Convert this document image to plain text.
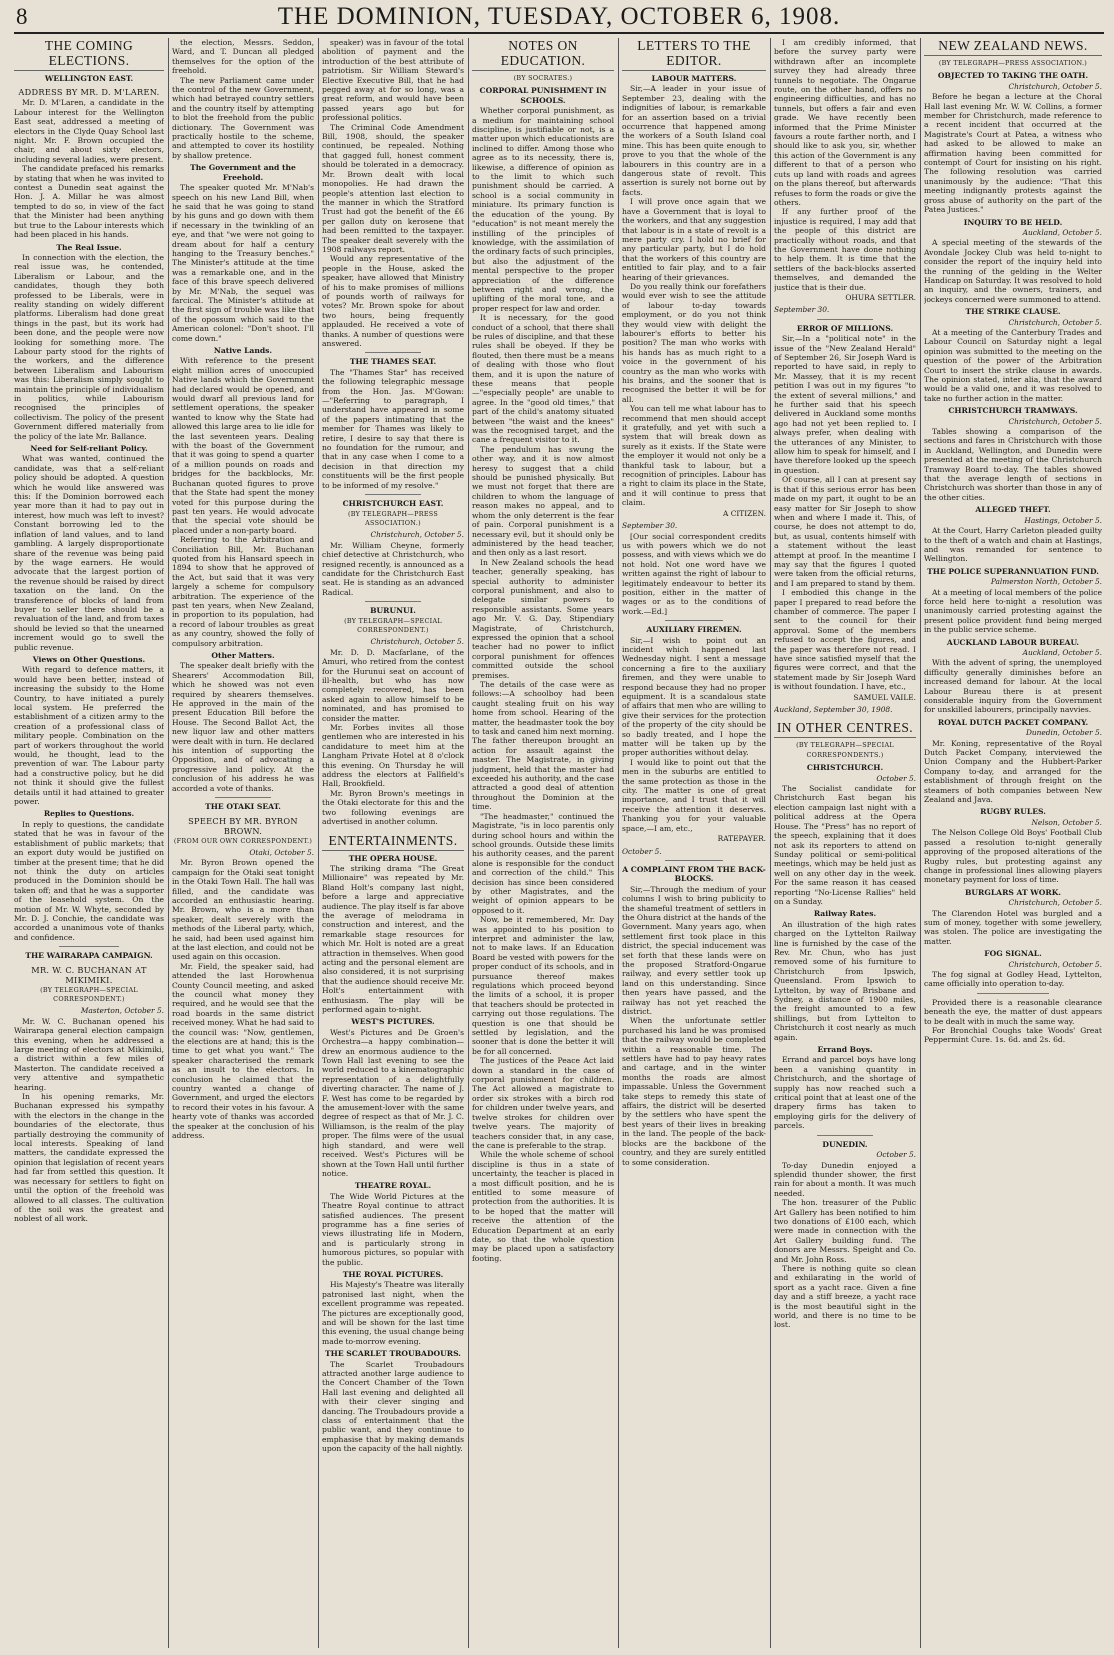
8	THE DOMINION, TUESDAY, OCTOBER 6, 1908.
THE COMING ELECTIONS.
WELLINGTON EAST.
ADDRESS BY MR. D. M'LAREN.

Mr. D. M'Laren, a candidate in the Labour interest for the Wellington East seat, addressed a meeting of electors in the Clyde Quay School last night. Mr. F. Brown occupied the chair, and about sixty electors, including several ladies, were present.

The candidate prefaced his remarks by stating that when he was invited to contest a Dunedin seat against the Hon. J. A. Millar he was almost tempted to do so, in view of the fact that the Minister had been anything but true to the Labour interests which had been placed in his hands.

The Real Issue.

In connection with the election, the real issue was, he contended, Liberalism or Labour, and the candidates, though they both professed to be Liberals, were in reality standing on widely different platforms. Liberalism had done great things in the past, but its work had been done, and the people were now looking for something more. The Labour party stood for the rights of the workers, and the difference between Liberalism and Labourism was this: Liberalism simply sought to maintain the principle of individualism in politics, while Labourism recognised the principles of collectivism. The policy of the present Government differed materially from the policy of the late Mr. Ballance.

Need for Self-reliant Policy.

What was wanted, continued the candidate, was that a self-reliant policy should be adopted. A question which he would like answered was this: If the Dominion borrowed each year more than it had to pay out in interest, how much was left to invest? Constant borrowing led to the inflation of land values, and to land gambling. A largely disproportionate share of the revenue was being paid by the wage earners. He would advocate that the largest portion of the revenue should be raised by direct taxation on the land. On the transference of blocks of land from buyer to seller there should be a revaluation of the land, and from taxes should be levied so that the unearned increment would go to swell the public revenue.

Views on Other Questions.

With regard to defence matters, it would have been better, instead of increasing the subsidy to the Home Country, to have initiated a purely local system. He preferred the establishment of a citizen army to the creation of a professional class of military people. Combination on the part of workers throughout the world would, he thought, lead to the prevention of war. The Labour party had a constructive policy, but he did not think it should give the fullest details until it had attained to greater power.

Replies to Questions.

In reply to questions, the candidate stated that he was in favour of the establishment of public markets; that an export duty would be justified on timber at the present time; that he did not think the duty on articles produced in the Dominion should be taken off; and that he was a supporter of the leasehold system. On the motion of Mr. W. Whyte, seconded by Mr. D. J. Conchie, the candidate was accorded a unanimous vote of thanks and confidence.

THE WAIRARAPA CAMPAIGN.
MR. W. C. BUCHANAN AT MIKIMIKI.
(BY TELEGRAPH—SPECIAL CORRESPONDENT.)
Masterton, October 5.

Mr. W. C. Buchanan opened his Wairarapa general election campaign this evening, when he addressed a large meeting of electors at Mikimiki, a district within a few miles of Masterton. The candidate received a very attentive and sympathetic hearing.

In his opening remarks, Mr. Buchanan expressed his sympathy with the electors in the change in the boundaries of the electorate, thus partially destroying the community of local interests. Speaking of land matters, the candidate expressed the opinion that legislation of recent years had far from settled this question. It was necessary for settlers to fight on until the option of the freehold was allowed to all classes. The cultivation of the soil was the greatest and noblest of all work.

the election, Messrs. Seddon, Ward, and T. Duncan all pledged themselves for the option of the freehold.

The new Parliament came under the control of the new Government, which had betrayed country settlers and the country itself by attempting to blot the freehold from the public dictionary. The Government was practically hostile to the scheme, and attempted to cover its hostility by shallow pretence.

The Government and the Freehold.

The speaker quoted Mr. M'Nab's speech on his new Land Bill, when he said that he was going to stand by his guns and go down with them if necessary in the twinkling of an eye, and that "we were not going to dream about for half a century hanging to the Treasury benches." The Minister's attitude at the time was a remarkable one, and in the face of this brave speech delivered by Mr. M'Nab, the sequel was farcical. The Minister's attitude at the first sign of trouble was like that of the opossum which said to the American colonel: "Don't shoot. I'll come down."

Native Lands.

With reference to the present eight million acres of unoccupied Native lands which the Government had declared would be opened, and would dwarf all previous land for settlement operations, the speaker wanted to know why the State had allowed this large area to lie idle for the last seventeen years. Dealing with the boast of the Government that it was going to spend a quarter of a million pounds on roads and bridges for the backblocks, Mr. Buchanan quoted figures to prove that the State had spent the money voted for this purpose during the past ten years. He would advocate that the special vote should be placed under a non-party board.

Referring to the Arbitration and Conciliation Bill, Mr. Buchanan quoted from his Hansard speech in 1894 to show that he approved of the Act, but said that it was very largely a scheme for compulsory arbitration. The experience of the past ten years, when New Zealand, in proportion to its population, had a record of labour troubles as great as any country, showed the folly of compulsory arbitration.

Other Matters.

The speaker dealt briefly with the Shearers' Accommodation Bill, which he showed was not even required by shearers themselves. He approved in the main of the present Education Bill before the House. The Second Ballot Act, the new liquor law and other matters were dealt with in turn. He declared his intention of supporting the Opposition, and of advocating a progressive land policy. At the conclusion of his address he was accorded a vote of thanks.

THE OTAKI SEAT.
SPEECH BY MR. BYRON BROWN.
(FROM OUR OWN CORRESPONDENT.)
Otaki, October 5.

Mr. Byron Brown opened the campaign for the Otaki seat tonight in the Otaki Town Hall. The hall was filled, and the candidate was accorded an enthusiastic hearing. Mr. Brown, who is a more than speaker, dealt severely with the methods of the Liberal party, which, he said, had been used against him at the last election, and could not be used again on this occasion.

Mr. Field, the speaker said, had attended the last Horowhenua County Council meeting, and asked the council what money they required, and he would see that the road boards in the same district received money. What he had said to the council was: "Now, gentlemen, the elections are at hand; this is the time to get what you want." The speaker characterised the remark as an insult to the electors. In conclusion he claimed that the country wanted a change of Government, and urged the electors to record their votes in his favour. A hearty vote of thanks was accorded the speaker at the conclusion of his address.

speaker) was in favour of the total abolition of payment and the introduction of the best attribute of patriotism. Sir William Steward's Elective Executive Bill, that he had pegged away at for so long, was a great reform, and would have been passed years ago but for professional politics.

The Criminal Code Amendment Bill, 1908, should, the speaker continued, be repealed. Nothing that gagged full, honest comment should be tolerated in a democracy. Mr. Brown dealt with local monopolies. He had drawn the people's attention last election to the manner in which the Stratford Trust had got the benefit of the £6 per gallon duty on kerosene that had been remitted to the taxpayer. The speaker dealt severely with the 1908 railways report.

Would any representative of the people in the House, asked the speaker, have allowed that Ministry of his to make promises of millions of pounds worth of railways for votes? Mr. Brown spoke for about two hours, being frequently applauded. He received a vote of thanks. A number of questions were answered.

THE THAMES SEAT.

The "Thames Star" has received the following telegraphic message from the Hon. Jas. M'Gowan:—"Referring to paragraph, I understand have appeared in some of the papers intimating that the member for Thames was likely to retire, I desire to say that there is no foundation for the rumour, and that in any case when I come to a decision in that direction my constituents will be the first people to be informed of my resolve."

CHRISTCHURCH EAST.
(BY TELEGRAPH—PRESS ASSOCIATION.)
Christchurch, October 5.

Mr. William Cheyne, formerly chief detective at Christchurch, who resigned recently, is announced as a candidate for the Christchurch East seat. He is standing as an advanced Radical.

BURUNUI.
(BY TELEGRAPH—SPECIAL CORRESPONDENT.)
Christchurch, October 5.

Mr. D. D. Macfarlane, of the Amuri, who retired from the contest for the Hurunui seat on account of ill-health, but who has now completely recovered, has been asked again to allow himself to be nominated, and has promised to consider the matter.

Mr. Forbes invites all those gentlemen who are interested in his candidature to meet him at the Langham Private Hotel at 8 o'clock this evening. On Thursday he will address the electors at Fallfield's Hall, Brookfield.

Mr. Byron Brown's meetings in the Otaki electorate for this and the two following evenings are advertised in another column.

ENTERTAINMENTS.
THE OPERA HOUSE.

The striking drama "The Great Millionaire" was repeated by Mr. Bland Holt's company last night, before a large and appreciative audience. The play itself is far above the average of melodrama in construction and interest, and the remarkable stage resources for which Mr. Holt is noted are a great attraction in themselves. When good acting and the personal element are also considered, it is not surprising that the audience should receive Mr. Holt's entertainment with enthusiasm. The play will be performed again to-night.

WEST'S PICTURES.

West's Pictures and De Groen's Orchestra—a happy combination—drew an enormous audience to the Town Hall last evening to see the world reduced to a kinematographic representation of a delightfully diverting character. The name of J. F. West has come to be regarded by the amusement-lover with the same degree of respect as that of Mr. J. C. Williamson, is the realm of the play proper. The films were of the usual high standard, and were well received. West's Pictures will be shown at the Town Hall until further notice.

THEATRE ROYAL.

The Wide World Pictures at the Theatre Royal continue to attract satisfied audiences. The present programme has a fine series of views illustrating life in Modern, and is particularly strong in humorous pictures, so popular with the public.

THE ROYAL PICTURES.

His Majesty's Theatre was literally patronised last night, when the excellent programme was repeated. The pictures are exceptionally good, and will be shown for the last time this evening, the usual change being made to-morrow evening.

THE SCARLET TROUBADOURS.

The Scarlet Troubadours attracted another large audience to the Concert Chamber of the Town Hall last evening and delighted all with their clever singing and dancing. The Troubadours provide a class of entertainment that the public want, and they continue to emphasise that by making demands upon the capacity of the hall nightly.

NOTES ON EDUCATION.
(BY SOCRATES.)
CORPORAL PUNISHMENT IN SCHOOLS.

Whether corporal punishment, as a medium for maintaining school discipline, is justifiable or not, is a matter upon which educationists are inclined to differ. Among those who agree as to its necessity, there is, likewise, a difference of opinion as to the limit to which such punishment should be carried. A school is a social community in miniature. Its primary function is the education of the young. By "education" is not meant merely the instilling of the principles of knowledge, with the assimilation of the ordinary facts of such principles, but also the adjustment of the mental perspective to the proper appreciation of the difference between right and wrong, the uplifting of the moral tone, and a proper respect for law and order.

It is necessary, for the good conduct of a school, that there shall be rules of discipline, and that these rules shall be obeyed. If they be flouted, then there must be a means of dealing with those who flout them, and it is upon the nature of these means that people—"especially people" are unable to agree. In the "good old times," that part of the child's anatomy situated between "the waist and the knees" was the recognised target, and the cane a frequent visitor to it.

The pendulum has swung the other way, and it is now almost heresy to suggest that a child should be punished physically. But we must not forget that there are children to whom the language of reason makes no appeal, and to whom the only deterrent is the fear of pain. Corporal punishment is a necessary evil, but it should only be administered by the head teacher, and then only as a last resort.

In New Zealand schools the head teacher, generally speaking, has special authority to administer corporal punishment, and also to delegate similar powers to responsible assistants. Some years ago Mr. V. G. Day, Stipendiary Magistrate, of Christchurch, expressed the opinion that a school teacher had no power to inflict corporal punishment for offences committed outside the school premises.

The details of the case were as follows:—A schoolboy had been caught stealing fruit on his way home from school. Hearing of the matter, the headmaster took the boy to task and caned him next morning. The father thereupon brought an action for assault against the master. The Magistrate, in giving judgment, held that the master had exceeded his authority, and the case attracted a good deal of attention throughout the Dominion at the time.

"The headmaster," continued the Magistrate, "is in loco parentis only during school hours and within the school grounds. Outside these limits his authority ceases, and the parent alone is responsible for the conduct and correction of the child." This decision has since been considered by other Magistrates, and the weight of opinion appears to be opposed to it.

Now, be it remembered, Mr. Day was appointed to his position to interpret and administer the law, not to make laws. If an Education Board be vested with powers for the proper conduct of its schools, and in pursuance thereof makes regulations which proceed beyond the limits of a school, it is proper that teachers should be protected in carrying out those regulations. The question is one that should be settled by legislation, and the sooner that is done the better it will be for all concerned.

The justices of the Peace Act laid down a standard in the case of corporal punishment for children. The Act allowed a magistrate to order six strokes with a birch rod for children under twelve years, and twelve strokes for children over twelve years. The majority of teachers consider that, in any case, the cane is preferable to the strap.

While the whole scheme of school discipline is thus in a state of uncertainty, the teacher is placed in a most difficult position, and he is entitled to some measure of protection from the authorities. It is to be hoped that the matter will receive the attention of the Education Department at an early date, so that the whole question may be placed upon a satisfactory footing.

LETTERS TO THE EDITOR.
LABOUR MATTERS.

Sir,—A leader in your issue of September 23, dealing with the indignities of labour, is remarkable for an assertion based on a trivial occurrence that happened among the workers of a South Island coal mine. This has been quite enough to prove to you that the whole of the labourers in this country are in a dangerous state of revolt. This assertion is surely not borne out by facts.

I will prove once again that we have a Government that is loyal to the workers, and that any suggestion that labour is in a state of revolt is a mere party cry. I hold no brief for any particular party, but I do hold that the workers of this country are entitled to fair play, and to a fair hearing of their grievances.

Do you really think our forefathers would ever wish to see the attitude of labour to-day towards employment, or do you not think they would view with delight the labourer's efforts to better his position? The man who works with his hands has as much right to a voice in the government of his country as the man who works with his brains, and the sooner that is recognised the better it will be for all.

You can tell me what labour has to recommend that men should accept it gratefully, and yet with such a system that will break down as surely as it exists. If the State were the employer it would not only be a thankful task to labour, but a recognition of principles. Labour has a right to claim its place in the State, and it will continue to press that claim.

A CITIZEN.
September 30.

[Our social correspondent credits us with powers which we do not possess, and with views which we do not hold. Not one word have we written against the right of labour to legitimately endeavour to better its position, either in the matter of wages or as to the conditions of work.—Ed.]

AUXILIARY FIREMEN.

Sir,—I wish to point out an incident which happened last Wednesday night. I sent a message concerning a fire to the auxiliary firemen, and they were unable to respond because they had no proper equipment. It is a scandalous state of affairs that men who are willing to give their services for the protection of the property of the city should be so badly treated, and I hope the matter will be taken up by the proper authorities without delay.

I would like to point out that the men in the suburbs are entitled to the same protection as those in the city. The matter is one of great importance, and I trust that it will receive the attention it deserves. Thanking you for your valuable space,—I am, etc.,

RATEPAYER.
October 5.
A COMPLAINT FROM THE BACK-BLOCKS.

Sir,—Through the medium of your columns I wish to bring publicity to the shameful treatment of settlers in the Ohura district at the hands of the Government. Many years ago, when settlement first took place in this district, the special inducement was set forth that these lands were on the proposed Stratford-Ongarue railway, and every settler took up land on this understanding. Since then years have passed, and the railway has not yet reached the district.

When the unfortunate settler purchased his land he was promised that the railway would be completed within a reasonable time. The settlers have had to pay heavy rates and cartage, and in the winter months the roads are almost impassable. Unless the Government take steps to remedy this state of affairs, the district will be deserted by the settlers who have spent the best years of their lives in breaking in the land. The people of the back-blocks are the backbone of the country, and they are surely entitled to some consideration.

I am credibly informed, that before the survey party were withdrawn after an incomplete survey they had already three tunnels to negotiate. The Ongarue route, on the other hand, offers no engineering difficulties, and has no tunnels, but offers a fair and even grade. We have recently been informed that the Prime Minister favours a route farther north, and I should like to ask you, sir, whether this action of the Government is any different to that of a person who cuts up land with roads and agrees on the plans thereof, but afterwards refuses to form the roads or give the others.

If any further proof of the injustice is required, I may add that the people of this district are practically without roads, and that the Government have done nothing to help them. It is time that the settlers of the back-blocks asserted themselves, and demanded the justice that is their due.

OHURA SETTLER.
September 30.
ERROR OF MILLIONS.

Sir,—In a "political note" in the issue of the "New Zealand Herald" of September 26, Sir Joseph Ward is reported to have said, in reply to Mr. Massey, that it is my recent petition I was out in my figures "to the extent of several millions," and he further said that his speech delivered in Auckland some months ago had not yet been replied to. I always prefer, when dealing with the utterances of any Minister, to allow him to speak for himself, and I have therefore looked up the speech in question.

Of course, all I can at present say is that if this serious error has been made on my part, it ought to be an easy matter for Sir Joseph to show when and where I made it. This, of course, he does not attempt to do, but, as usual, contents himself with a statement without the least attempt at proof. In the meantime I may say that the figures I quoted were taken from the official returns, and I am prepared to stand by them.

I embodied this change in the paper I prepared to read before the chamber of commerce. The paper I sent to the council for their approval. Some of the members refused to accept the figures, and the paper was therefore not read. I have since satisfied myself that the figures were correct, and that the statement made by Sir Joseph Ward is without foundation. I have, etc.,

SAMUEL VAILE.
Auckland, September 30, 1908.
IN OTHER CENTRES.
(BY TELEGRAPH—SPECIAL CORRESPONDENTS.)
CHRISTCHURCH.
October 5.

The Socialist candidate for Christchurch East began his election campaign last night with a political address at the Opera House. The "Press" has no report of the speech, explaining that it does not ask its reporters to attend on Sunday political or semi-political meetings, which may be held just as well on any other day in the week. For the same reason it has ceased reporting "No-License Rallies" held on a Sunday.

Railway Rates.

An illustration of the high rates charged on the Lyttelton Railway line is furnished by the case of the Rev. Mr. Chun, who has just removed some of his furniture to Christchurch from Ipswich, Queensland. From Ipswich to Lyttelton, by way of Brisbane and Sydney, a distance of 1900 miles, the freight amounted to a few shillings, but from Lyttelton to Christchurch it cost nearly as much again.

Errand Boys.

Errand and parcel boys have long been a vanishing quantity in Christchurch, and the shortage of supply has now reached such a critical point that at least one of the drapery firms has taken to employing girls for the delivery of parcels.

DUNEDIN.
October 5.

To-day Dunedin enjoyed a splendid thunder shower, the first rain for about a month. It was much needed.

The hon. treasurer of the Public Art Gallery has been notified to him two donations of £100 each, which were made in connection with the Art Gallery building fund. The donors are Messrs. Speight and Co. and Mr. John Ross.

There is nothing quite so clean and exhilarating in the world of sport as a yacht race. Given a fine day and a stiff breeze, a yacht race is the most beautiful sight in the world, and there is no time to be lost.

NEW ZEALAND NEWS.
(BY TELEGRAPH—PRESS ASSOCIATION.)
OBJECTED TO TAKING THE OATH.
Christchurch, October 5.

Before he began a lecture at the Choral Hall last evening Mr. W. W. Collins, a former member for Christchurch, made reference to a recent incident that occurred at the Magistrate's Court at Patea, a witness who had asked to be allowed to make an affirmation having been committed for contempt of Court for insisting on his right. The following resolution was carried unanimously by the audience: "That this meeting indignantly protests against the gross abuse of authority on the part of the Patea Justices."

INQUIRY TO BE HELD.
Auckland, October 5.

A special meeting of the stewards of the Avondale Jockey Club was held to-night to consider the report of the inquiry held into the running of the gelding in the Welter Handicap on Saturday. It was resolved to hold an inquiry, and the owners, trainers, and jockeys concerned were summoned to attend.

THE STRIKE CLAUSE.
Christchurch, October 5.

At a meeting of the Canterbury Trades and Labour Council on Saturday night a legal opinion was submitted to the meeting on the question of the power of the Arbitration Court to insert the strike clause in awards. The opinion stated, inter alia, that the award would be a valid one, and it was resolved to take no further action in the matter.

CHRISTCHURCH TRAMWAYS.
Christchurch, October 5.

Tables showing a comparison of the sections and fares in Christchurch with those in Auckland, Wellington, and Dunedin were presented at the meeting of the Christchurch Tramway Board to-day. The tables showed that the average length of sections in Christchurch was shorter than those in any of the other cities.

ALLEGED THEFT.
Hastings, October 5.

At the Court, Harry Carleton pleaded guilty to the theft of a watch and chain at Hastings, and was remanded for sentence to Wellington.

THE POLICE SUPERANNUATION FUND.
Palmerston North, October 5.

At a meeting of local members of the police force held here to-night a resolution was unanimously carried protesting against the present police provident fund being merged in the public service scheme.

AUCKLAND LABOUR BUREAU.
Auckland, October 5.

With the advent of spring, the unemployed difficulty generally diminishes before an increased demand for labour. At the local Labour Bureau there is at present considerable inquiry from the Government for unskilled labourers, principally navvies.

ROYAL DUTCH PACKET COMPANY.
Dunedin, October 5.

Mr. Koning, representative of the Royal Dutch Packet Company, interviewed the Union Company and the Hubbert-Parker Company to-day, and arranged for the establishment of through freight on the steamers of both companies between New Zealand and Java.

RUGBY RULES.
Nelson, October 5.

The Nelson College Old Boys' Football Club passed a resolution to-night generally approving of the proposed alterations of the Rugby rules, but protesting against any change in professional lines allowing players monetary payment for loss of time.

BURGLARS AT WORK.
Christchurch, October 5.

The Clarendon Hotel was burgled and a sum of money, together with some jewellery, was stolen. The police are investigating the matter.

FOG SIGNAL.
Christchurch, October 5.

The fog signal at Godley Head, Lyttelton, came officially into operation to-day.

Provided there is a reasonable clearance beneath the eye, the matter of dust appears to be dealt with in much the same way.

For Bronchial Coughs take Woods' Great Peppermint Cure. 1s. 6d. and 2s. 6d.
